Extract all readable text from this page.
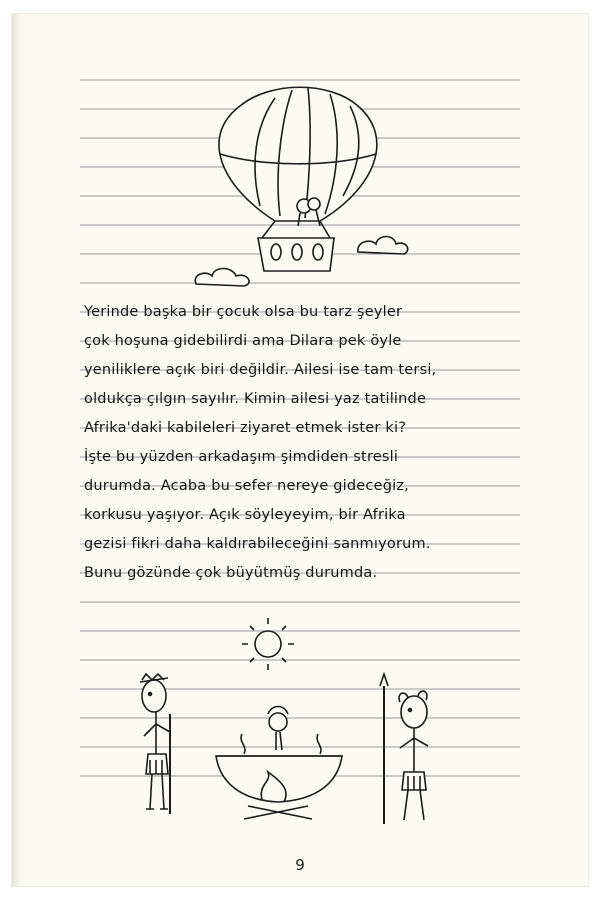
Yerinde başka bir çocuk olsa bu tarz şeyler
çok hoşuna gidebilirdi ama Dilara pek öyle
yeniliklere açık biri değildir. Ailesi ise tam tersi,
oldukça çılgın sayılır. Kimin ailesi yaz tatilinde
Afrika'daki kabileleri ziyaret etmek ister ki?
İşte bu yüzden arkadaşım şimdiden stresli
durumda. Acaba bu sefer nereye gideceğiz,
korkusu yaşıyor. Açık söyleyeyim, bir Afrika
gezisi fikri daha kaldırabileceğini sanmıyorum.
Bunu gözünde çok büyütmüş durumda.
9
